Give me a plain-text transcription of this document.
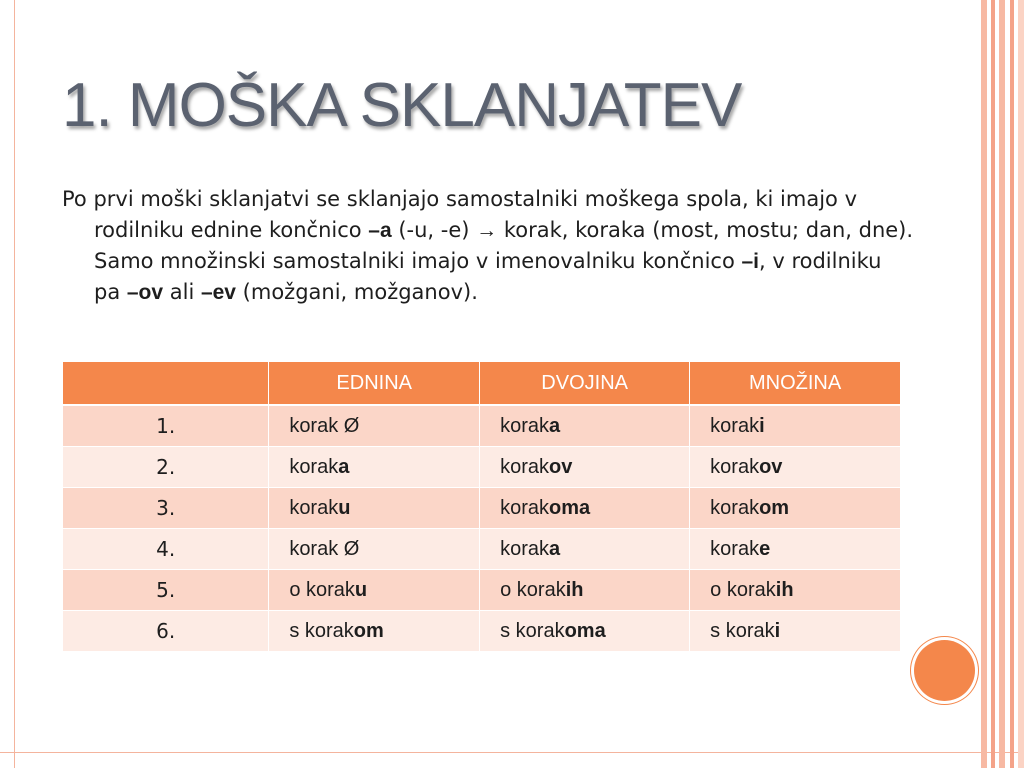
1. MOŠKA SKLANJATEV
Po prvi moški sklanjatvi se sklanjajo samostalniki moškega spola, ki imajo v rodilniku ednine končnico –a (-u, -e) → korak, koraka (most, mostu; dan, dne). Samo množinski samostalniki imajo v imenovalniku končnico –i, v rodilniku pa –ov ali –ev (možgani, možganov).
	EDNINA	DVOJINA	MNOŽINA
1.	korak Ø	koraka	koraki
2.	koraka	korakov	korakov
3.	koraku	korakoma	korakom
4.	korak Ø	koraka	korake
5.	o koraku	o korakih	o korakih
6.	s korakom	s korakoma	s koraki
